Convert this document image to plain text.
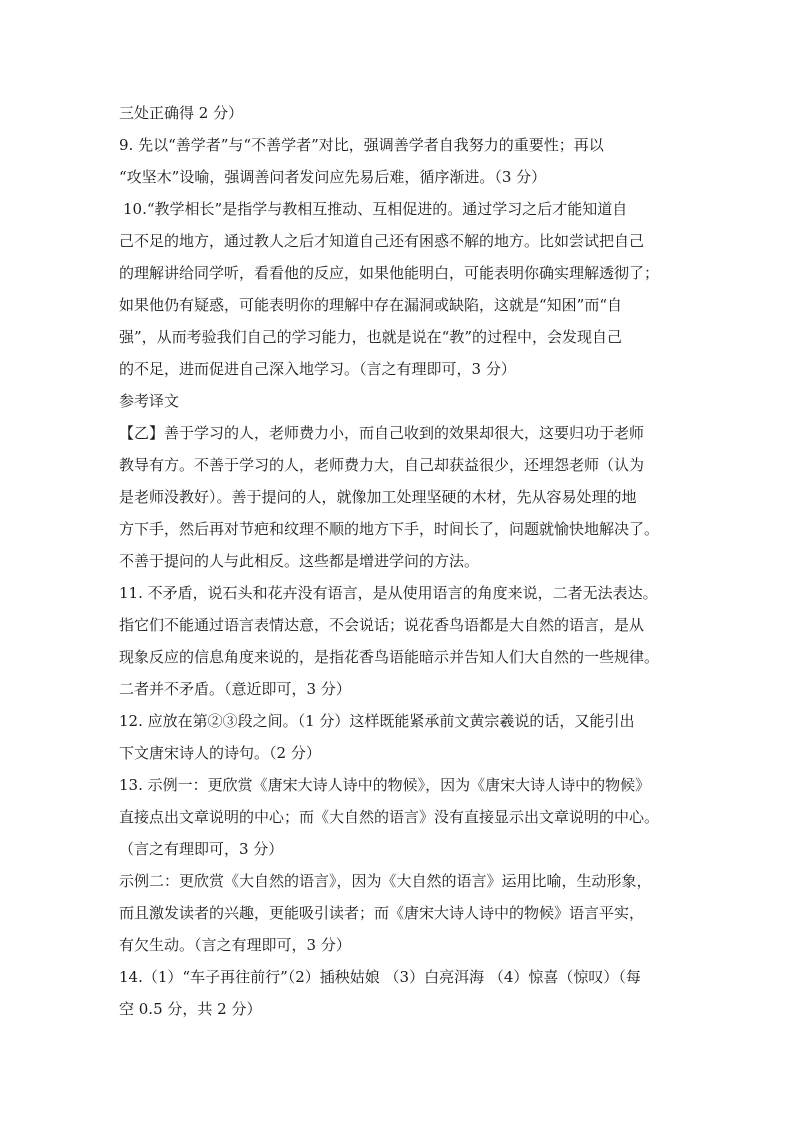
三处正确得 2 分）
9. 先以“善学者”与“不善学者”对比，强调善学者自我努力的重要性；再以
“攻坚木”设喻，强调善问者发问应先易后难，循序渐进。（3 分）
10.“教学相长”是指学与教相互推动、互相促进的。通过学习之后才能知道自
己不足的地方，通过教人之后才知道自己还有困惑不解的地方。比如尝试把自己
的理解讲给同学听，看看他的反应，如果他能明白，可能表明你确实理解透彻了；
如果他仍有疑惑，可能表明你的理解中存在漏洞或缺陷，这就是“知困”而“自
强”，从而考验我们自己的学习能力，也就是说在“教”的过程中，会发现自己
的不足，进而促进自己深入地学习。（言之有理即可，3 分）
参考译文
【乙】善于学习的人，老师费力小，而自己收到的效果却很大，这要归功于老师
教导有方。不善于学习的人，老师费力大，自己却获益很少，还埋怨老师（认为
是老师没教好）。善于提问的人，就像加工处理坚硬的木材，先从容易处理的地
方下手，然后再对节疤和纹理不顺的地方下手，时间长了，问题就愉快地解决了。
不善于提问的人与此相反。这些都是增进学问的方法。
11. 不矛盾，说石头和花卉没有语言，是从使用语言的角度来说，二者无法表达。
指它们不能通过语言表情达意，不会说话；说花香鸟语都是大自然的语言，是从
现象反应的信息角度来说的，是指花香鸟语能暗示并告知人们大自然的一些规律。
二者并不矛盾。（意近即可，3 分）
12. 应放在第②③段之间。（1 分）这样既能紧承前文黄宗羲说的话，又能引出
下文唐宋诗人的诗句。（2 分）
13. 示例一：更欣赏《唐宋大诗人诗中的物候》，因为《唐宋大诗人诗中的物候》
直接点出文章说明的中心；而《大自然的语言》没有直接显示出文章说明的中心。
（言之有理即可，3 分）
示例二：更欣赏《大自然的语言》，因为《大自然的语言》运用比喻，生动形象，
而且激发读者的兴趣，更能吸引读者；而《唐宋大诗人诗中的物候》语言平实，
有欠生动。（言之有理即可，3 分）
14.（1）“车子再往前行”（2）插秧姑娘 （3）白亮洱海 （4）惊喜（惊叹）（每
空 0.5 分，共 2 分）
